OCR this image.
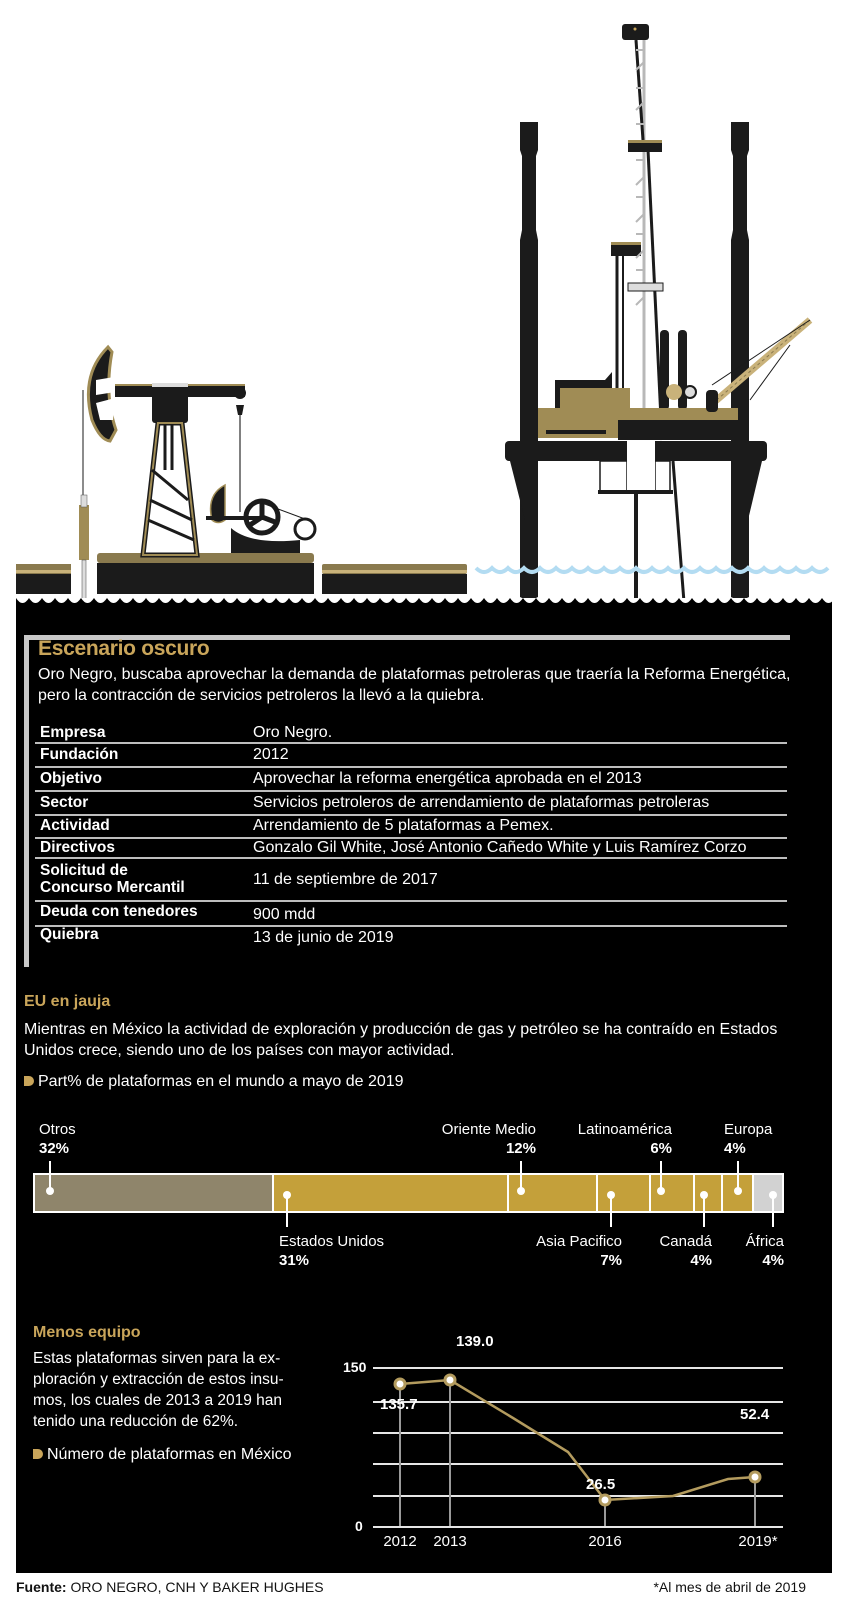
Escenario oscuro
Oro Negro, buscaba aprovechar la demanda de plataformas petroleras que traería la Reforma Energética, pero la contracción de servicios petroleros la llevó a la quiebra.
Empresa	Oro Negro.
Fundación	2012
Objetivo	Aprovechar la reforma energética aprobada en el 2013
Sector	Servicios petroleros de arrendamiento de plataformas petroleras
Actividad	Arrendamiento de 5 plataformas a Pemex.
Directivos	Gonzalo Gil White, José Antonio Cañedo White y Luis Ramírez Corzo
Solicitud de
Concurso Mercantil	11 de septiembre de 2017
Deuda con tenedores	900 mdd
Quiebra	13 de junio de 2019
EU en jauja
Mientras en México la actividad de exploración y producción de gas y petróleo se ha contraído en Estados Unidos crece, siendo uno de los países con mayor actividad.
Part% de plataformas en el mundo a mayo de 2019
Otros
32%
Oriente Medio
12%
Latinoamérica
6%
Europa
4%
Estados Unidos
31%
Asia Pacifico
7%
Canadá
4%
África
4%
Menos equipo
Estas plataformas sirven para la ex-
ploración y extracción de estos insu-
mos, los cuales de 2013 a 2019 han
tenido una reducción de 62%.
Número de plataformas en México
150
0
135.7
139.0
26.5
52.4
2012	2013	2016	2019*
Fuente: ORO NEGRO, CNH Y BAKER HUGHES	*Al mes de abril de 2019
